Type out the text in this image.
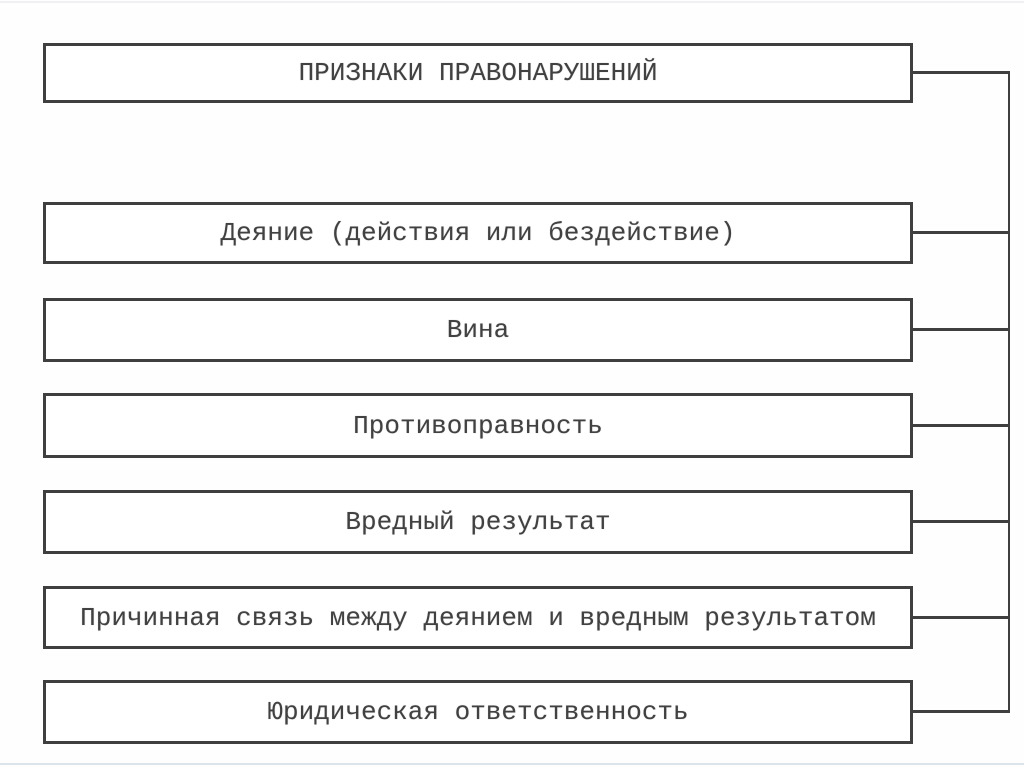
ПРИЗНАКИ ПРАВОНАРУШЕНИЙ
Деяние (действия или бездействие)
Вина
Противоправность
Вредный результат
Причинная связь между деянием и вредным результатом
Юридическая ответственность
